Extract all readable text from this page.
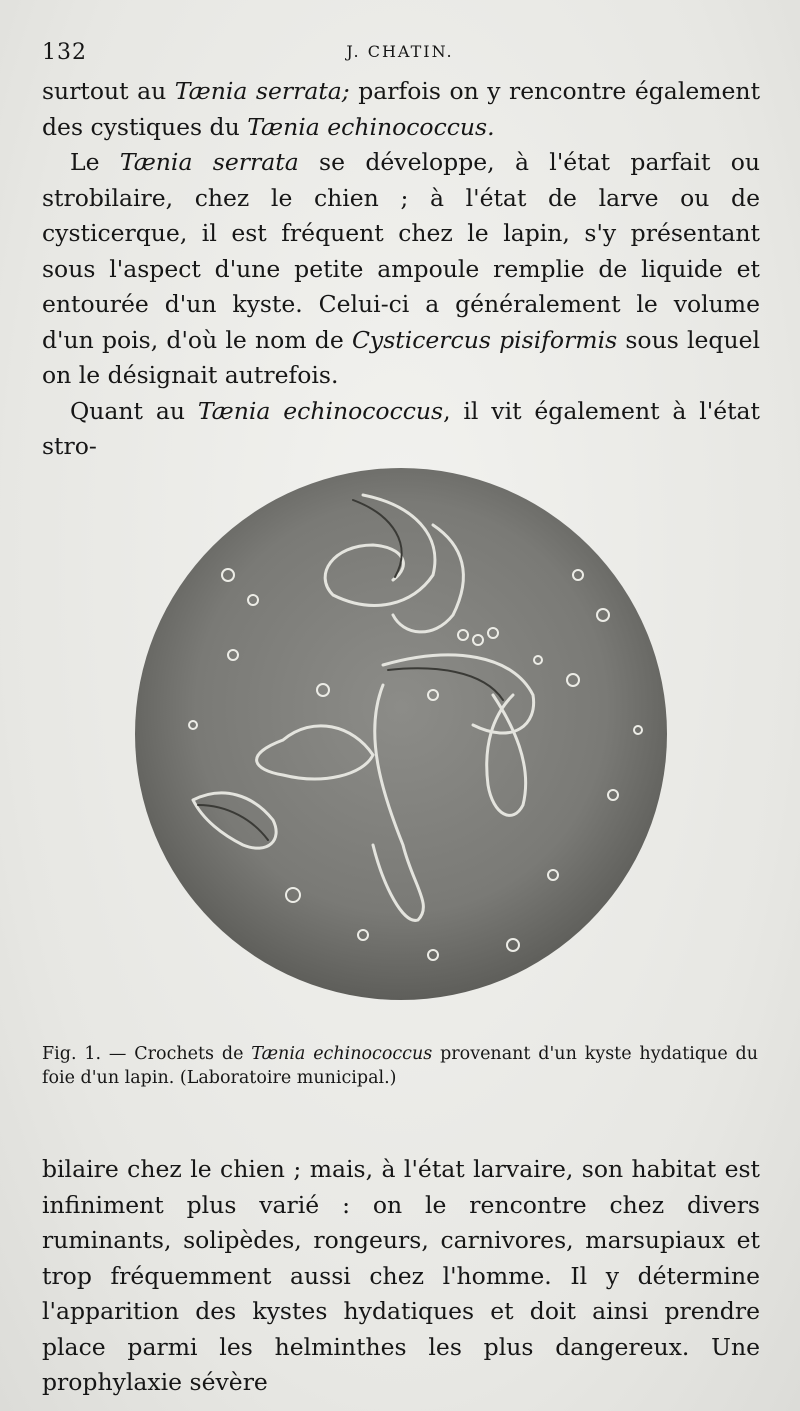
132	J. CHATIN.

surtout au Tænia serrata; parfois on y rencontre également des cystiques du Tænia echinococcus.

Le Tænia serrata se développe, à l'état parfait ou strobilaire, chez le chien ; à l'état de larve ou de cysticerque, il est fréquent chez le lapin, s'y présentant sous l'aspect d'une petite ampoule remplie de liquide et entourée d'un kyste. Celui-ci a généralement le volume d'un pois, d'où le nom de Cysticercus pisiformis sous lequel on le désignait autrefois.

Quant au Tænia echinococcus, il vit également à l'état stro-

Fig. 1. — Crochets de Tænia echinococcus provenant d'un kyste hydatique du foie d'un lapin. (Laboratoire municipal.)

bilaire chez le chien ; mais, à l'état larvaire, son habitat est infiniment plus varié : on le rencontre chez divers ruminants, solipèdes, rongeurs, carnivores, marsupiaux et trop fréquemment aussi chez l'homme. Il y détermine l'apparition des kystes hydatiques et doit ainsi prendre place parmi les helminthes les plus dangereux. Une prophylaxie sévère
